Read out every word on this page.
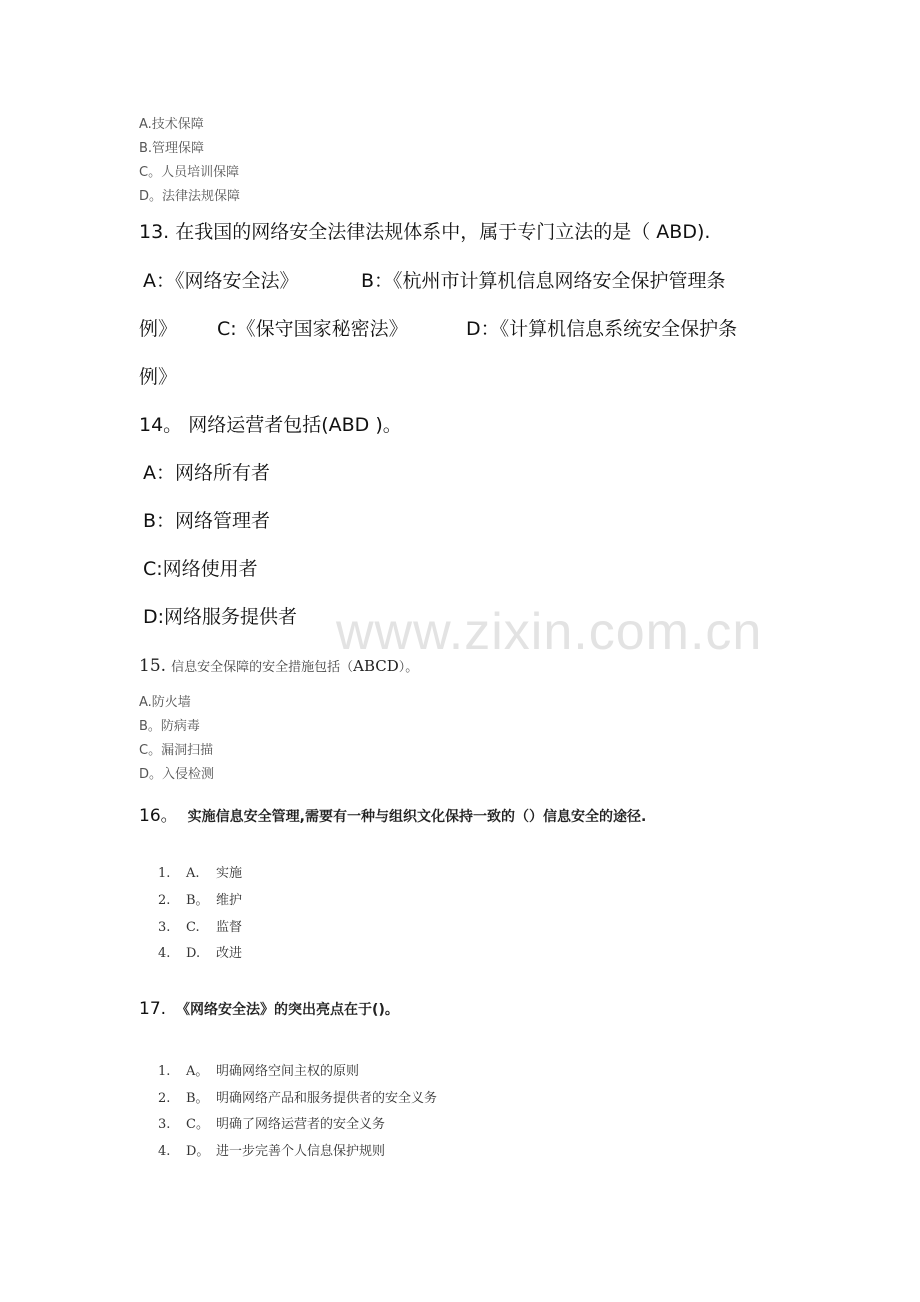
www.zixin.com.cn
A.技术保障
B.管理保障
C。人员培训保障
D。法律法规保障
13. 在我国的网络安全法律法规体系中，属于专门立法的是（ ABD).
A：《网络安全法》	B：《杭州市计算机信息网络安全保护管理条
例》 C:《保守国家秘密法》	D：《计算机信息系统安全保护条
例》
14。 网络运营者包括(ABD )。
A：网络所有者
B：网络管理者
C:网络使用者
D:网络服务提供者
15. 信息安全保障的安全措施包括（ABCD）。
A.防火墙
B。防病毒
C。漏洞扫描
D。入侵检测
16。 实施信息安全管理,需要有一种与组织文化保持一致的（）信息安全的途径.
1. A. 实施
2. B。 维护
3. C. 监督
4. D. 改进
17. 《网络安全法》的突出亮点在于()。
1. A。 明确网络空间主权的原则
2. B。 明确网络产品和服务提供者的安全义务
3. C。 明确了网络运营者的安全义务
4. D。 进一步完善个人信息保护规则
